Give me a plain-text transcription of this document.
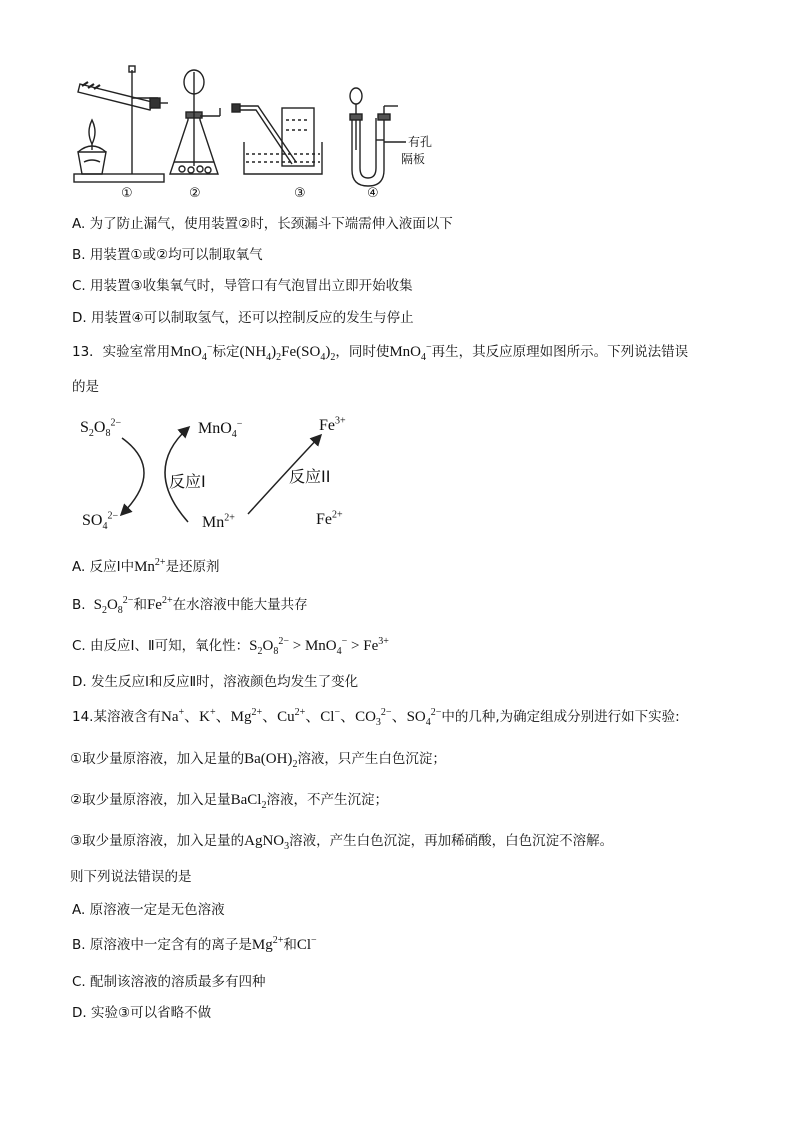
①	②	③	④
有孔
隔板
A. 为了防止漏气，使用装置②时，长颈漏斗下端需伸入液面以下
B. 用装置①或②均可以制取氧气
C. 用装置③收集氧气时，导管口有气泡冒出立即开始收集
D. 用装置④可以制取氢气，还可以控制反应的发生与停止
13．实验室常用MnO$_4$−标定$(NH_4)_2Fe(SO_4)_2$，同时使MnO$_4$−再生，其反应原理如图所示。下列说法错误
的是
$S_2O_8^{2-}$	MnO$_4$−	$Fe^{3+}$
反应I	反应II
$SO_4^{2-}$	$Mn^{2+}$	$Fe^{2+}$
A. 反应Ⅰ中$Mn^{2+}$是还原剂
B.  $S_2O_8^{2-}$和$Fe^{2+}$在水溶液中能大量共存
C. 由反应Ⅰ、Ⅱ可知，氧化性：$S_2O_8^{2-} > MnO_4^- > Fe^{3+}$
D. 发生反应Ⅰ和反应Ⅱ时，溶液颜色均发生了变化
14.某溶液含有Na+、K+、$Mg^{2+}$、$Cu^{2+}$、Cl−、$CO_3^{2-}$、$SO_4^{2-}$中的几种,为确定组成分别进行如下实验:
①取少量原溶液，加入足量的$Ba(OH)_2$溶液，只产生白色沉淀；
②取少量原溶液，加入足量BaCl$_2$溶液，不产生沉淀；
③取少量原溶液，加入足量的AgNO$_3$溶液，产生白色沉淀，再加稀硝酸，白色沉淀不溶解。
则下列说法错误的是
A. 原溶液一定是无色溶液
B. 原溶液中一定含有的离子是$Mg^{2+}$和Cl−
C. 配制该溶液的溶质最多有四种
D. 实验③可以省略不做
